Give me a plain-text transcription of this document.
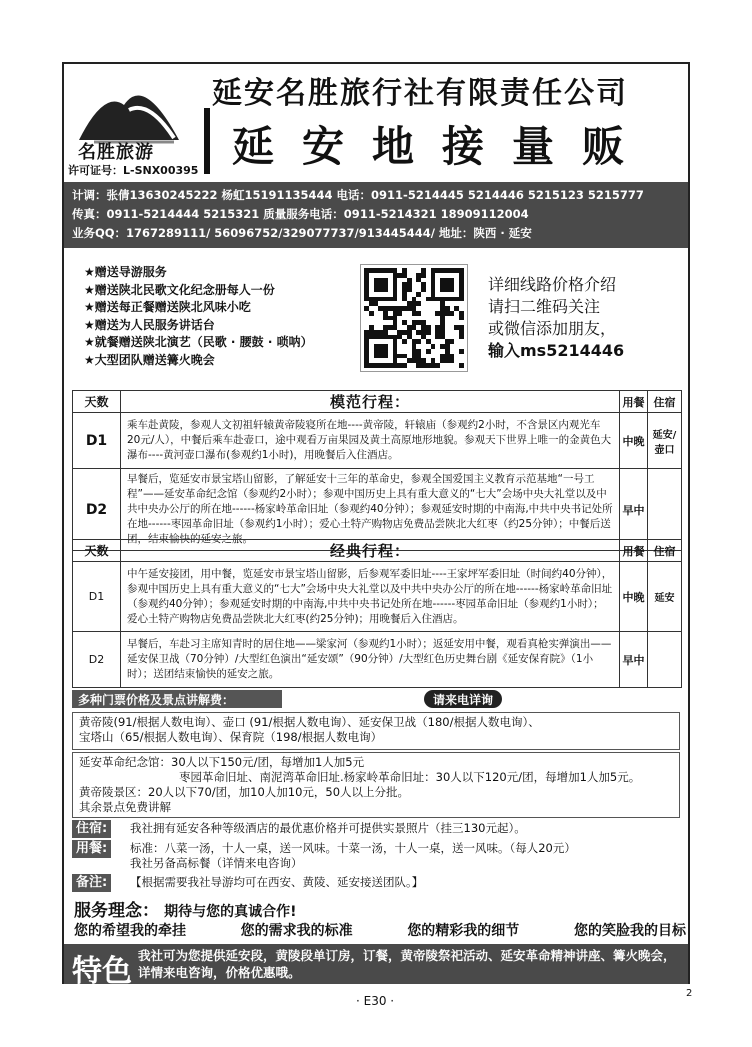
名胜旅游
许可证号：L-SNX00395
延安名胜旅行社有限责任公司
延安地接量贩
计调：张倩13630245222 杨虹15191135444 电话：0911-5214445 5214446 5215123 5215777
传真：0911-5214444 5215321 质量服务电话：0911-5214321 18909112004
业务QQ：1767289111/ 56096752/329077737/913445444/ 地址：陕西 · 延安
★赠送导游服务
★赠送陕北民歌文化纪念册每人一份
★赠送每正餐赠送陕北风味小吃
★赠送为人民服务讲话台
★就餐赠送陕北演艺（民歌 · 腰鼓 · 唢呐）
★大型团队赠送篝火晚会
详细线路价格介绍
请扫二维码关注
或微信添加朋友，
输入ms5214446
天数	模范行程：	用餐	住宿
D1	乘车赴黄陵，参观人文初祖轩辕黄帝陵寝所在地----黄帝陵，轩辕庙（参观约2小时，不含景区内观光车20元/人），中餐后乘车赴壶口，途中观看万亩果园及黄土高原地形地貌。参观天下世界上唯一的金黄色大瀑布----黄河壶口瀑布(参观约1小时)，用晚餐后入住酒店。	中晚	延安/壶口
D2	早餐后，览延安市景宝塔山留影，了解延安十三年的革命史，参观全国爱国主义教育示范基地“一号工程”——延安革命纪念馆（参观约2小时）；参观中国历史上具有重大意义的“七大”会场中央大礼堂以及中共中央办公厅的所在地------杨家岭革命旧址（参观约40分钟）；参观延安时期的中南海,中共中央书记处所在地------枣园革命旧址（参观约1小时）；爱心土特产购物店免费品尝陕北大红枣（约25分钟）；中餐后送团，结束愉快的延安之旅。	早中	
天数	经典行程：	用餐	住宿
D1	中午延安接团，用中餐，览延安市景宝塔山留影，后参观军委旧址----王家坪军委旧址（时间约40分钟），参观中国历史上具有重大意义的“七大”会场中央大礼堂以及中共中央办公厅的所在地------杨家岭革命旧址（参观约40分钟）；参观延安时期的中南海,中共中央书记处所在地------枣园革命旧址（参观约1小时）；爱心土特产购物店免费品尝陕北大红枣(约25分钟)；用晚餐后入住酒店。	中晚	延安
D2	早餐后，车赴习主席知青时的居住地——梁家河（参观约1小时）；返延安用中餐，观看真枪实弹演出——延安保卫战（70分钟）/大型红色演出“延安颂”（90分钟）/大型红色历史舞台剧《延安保育院》（1小时）；送团结束愉快的延安之旅。	早中	
多种门票价格及景点讲解费：	请来电详询
黄帝陵(91/根据人数电询）、壶口 (91/根据人数电询）、延安保卫战（180/根据人数电询）、
宝塔山（65/根据人数电询）、保育院（198/根据人数电询）
延安革命纪念馆：30人以下150元/团，每增加1人加5元
枣园革命旧址、南泥湾革命旧址.杨家岭革命旧址：30人以下120元/团，每增加1人加5元。
黄帝陵景区：20人以下70/团，加10人加10元，50人以上分批。
其余景点免费讲解
住宿:	我社拥有延安各种等级酒店的最优惠价格并可提供实景照片（挂三130元起）。
用餐:	标准：八菜一汤，十人一桌，送一风味。十菜一汤，十人一桌，送一风味。（每人20元）
我社另备高标餐（详情来电咨询）
备注:	【根据需要我社导游均可在西安、黄陵、延安接送团队。】
服务理念： 期待与您的真诚合作!
您的希望我的牵挂	您的需求我的标准	您的精彩我的细节	您的笑脸我的目标
特色 我社可为您提供延安段，黄陵段单订房，订餐，黄帝陵祭祀活动、延安革命精神讲座、篝火晚会，详情来电咨询，价格优惠哦。
· E30 ·
2
